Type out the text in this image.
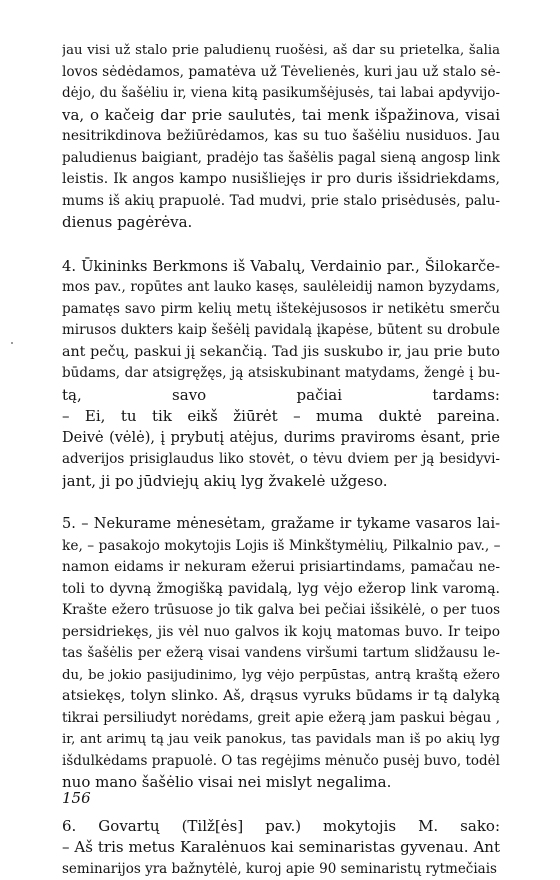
jau visi už stalo prie paludienų ruošėsi, aš dar su prietelka, šalia
lovos sėdėdamos, pamatėva už Tėvelienės, kuri jau už stalo sė-
dėjo, du šašėliu ir, viena kitą pasikumšėjusės, tai labai apdyvijo-
va, o kačeig dar prie saulutės, tai menk išpažinova, visai
nesitrikdinova bežiūrėdamos, kas su tuo šašėliu nusiduos. Jau
paludienus baigiant, pradėjo tas šašėlis pagal sieną angosp link
leistis. Ik angos kampo nusišliejęs ir pro duris išsidriekdams,
mums iš akių prapuolė. Tad mudvi, prie stalo prisėdusės, palu-
dienus pagėrėva.
4. Ūkininks Berkmons iš Vabalų, Verdainio par., Šilokarče-
mos pav., ropūtes ant lauko kasęs, saulėleidij namon byzydams,
pamatęs savo pirm kelių metų ištekėjusosos ir netikėtu smerču
mirusos dukters kaip šešėlį pavidalą įkapėse, būtent su drobule
ant pečų, paskui jį sekančią. Tad jis suskubo ir, jau prie buto
būdams, dar atsigręžęs, ją atsiskubinant matydams, žengė į bu-
tą, savo pačiai tardams:
– Ei, tu tik eikš žiūrėt – muma duktė pareina.
Deivė (vėlė), į prybutį atėjus, durims praviroms ėsant, prie
adverijos prisiglaudus liko stovėt, o tėvu dviem per ją besidyvi-
jant, ji po jūdviejų akių lyg žvakelė užgeso.
5. – Nekurame mėnesėtam, gražame ir tykame vasaros lai-
ke, – pasakojo mokytojis Lojis iš Minkštymėlių, Pilkalnio pav., –
namon eidams ir nekuram ežerui prisiartindams, pamačau ne-
toli to dyvną žmogišką pavidalą, lyg vėjo ežerop link varomą.
Krašte ežero trūsuose jo tik galva bei pečiai išsikėlė, o per tuos
persidriekęs, jis vėl nuo galvos ik kojų matomas buvo. Ir teipo
tas šašėlis per ežerą visai vandens viršumi tartum slidžausu le-
du, be jokio pasijudinimo, lyg vėjo perpūstas, antrą kraštą ežero
atsiekęs, tolyn slinko. Aš, drąsus vyruks būdams ir tą dalyką
tikrai persiliudyt norėdams, greit apie ežerą jam paskui bėgau ,
ir, ant arimų tą jau veik panokus, tas pavidals man iš po akių lyg
išdulkėdams prapuolė. O tas regėjims mėnučo pusėj buvo, todėl
nuo mano šašėlio visai nei mislyt negalima.
6. Govartų (Tilž[ės] pav.) mokytojis M. sako:
– Aš tris metus Karalėnuos kai seminaristas gyvenau. Ant
seminarijos yra bažnytėlė, kuroj apie 90 seminaristų rytmečiais
156
